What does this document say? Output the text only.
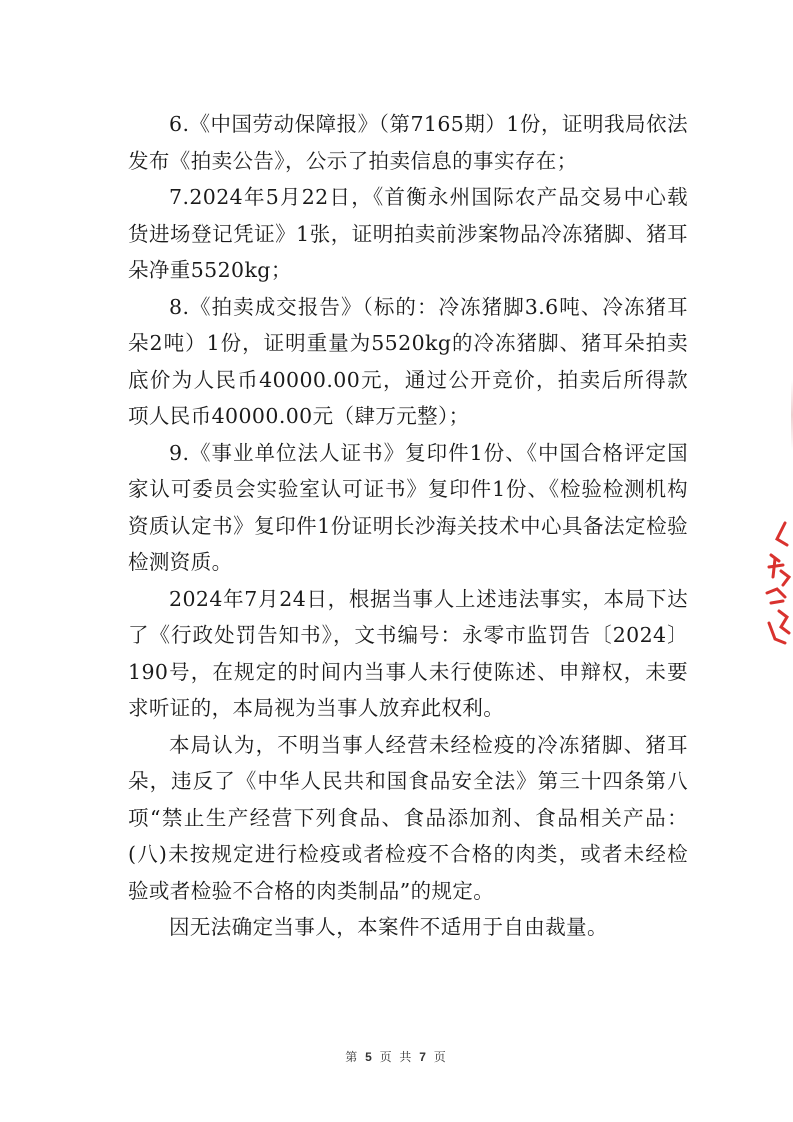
6.《中国劳动保障报》（第7165期）1份，证明我局依法发布《拍卖公告》，公示了拍卖信息的事实存在；

7.2024年5月22日，《首衡永州国际农产品交易中心载货进场登记凭证》1张，证明拍卖前涉案物品冷冻猪脚、猪耳朵净重5520kg；

8.《拍卖成交报告》（标的：冷冻猪脚3.6吨、冷冻猪耳朵2吨）1份，证明重量为5520kg的冷冻猪脚、猪耳朵拍卖底价为人民币40000.00元，通过公开竞价，拍卖后所得款项人民币40000.00元（肆万元整）；

9.《事业单位法人证书》复印件1份、《中国合格评定国家认可委员会实验室认可证书》复印件1份、《检验检测机构资质认定书》复印件1份证明长沙海关技术中心具备法定检验检测资质。

2024年7月24日，根据当事人上述违法事实，本局下达了《行政处罚告知书》，文书编号：永零市监罚告〔2024〕190号，在规定的时间内当事人未行使陈述、申辩权，未要求听证的，本局视为当事人放弃此权利。

本局认为，不明当事人经营未经检疫的冷冻猪脚、猪耳朵，违反了《中华人民共和国食品安全法》第三十四条第八项“禁止生产经营下列食品、食品添加剂、食品相关产品：(八)未按规定进行检疫或者检疫不合格的肉类，或者未经检验或者检验不合格的肉类制品”的规定。

因无法确定当事人，本案件不适用于自由裁量。

第 5 页 共 7 页
